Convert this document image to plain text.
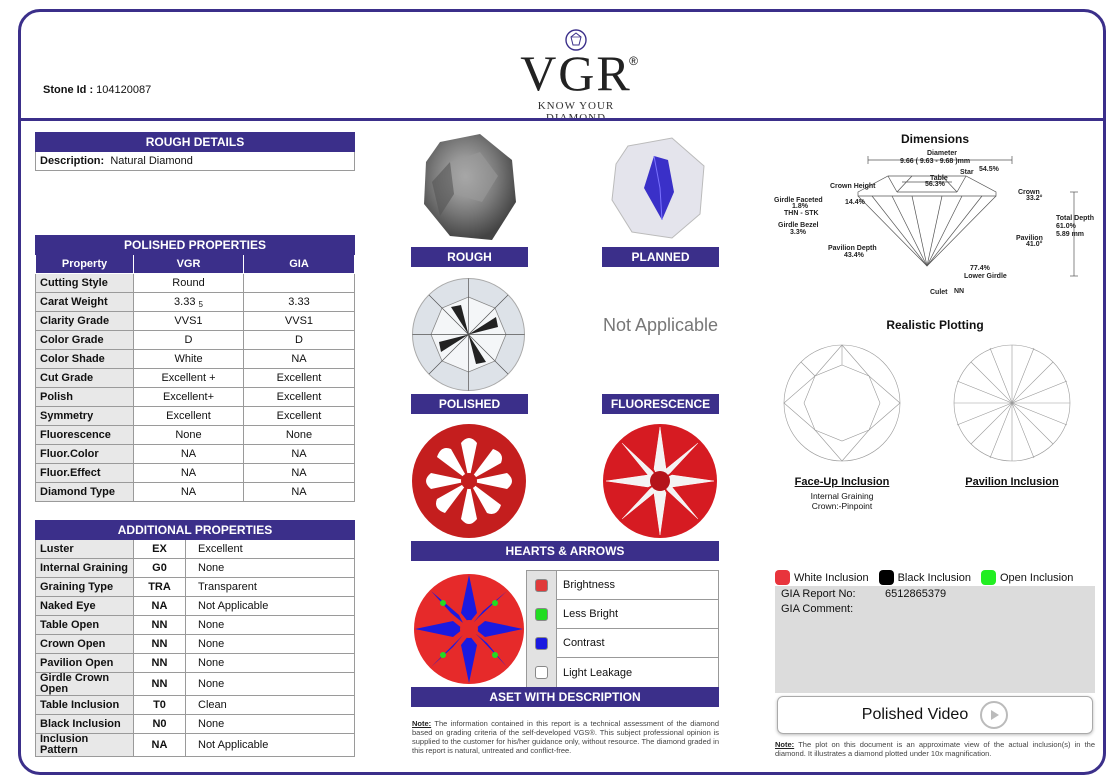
Stone Id : 104120087	VGR
®
KNOW YOUR DIAMOND
ROUGH DETAILS
Description: Natural Diamond
POLISHED PROPERTIES		
Property	VGR	GIA
Cutting Style	Round	
Carat Weight	3.33 5	3.33
Clarity Grade	VVS1	VVS1
Color Grade	D	D
Color Shade	White	NA
Cut Grade	Excellent +	Excellent
Polish	Excellent+	Excellent
Symmetry	Excellent	Excellent
Fluorescence	None	None
Fluor.Color	NA	NA
Fluor.Effect	NA	NA
Diamond Type	NA	NA
ADDITIONAL PROPERTIES		
Luster	EX	Excellent
Internal Graining	G0	None
Graining Type	TRA	Transparent
Naked Eye	NA	Not Applicable
Table Open	NN	None
Crown Open	NN	None
Pavilion Open	NN	None
Girdle Crown Open	NN	None
Table Inclusion	T0	Clean
Black Inclusion	N0	None
Inclusion Pattern	NA	Not Applicable
ROUGH	PLANNED
Not Applicable
POLISHED	FLUORESCENCE
HEARTS & ARROWS
Brightness
Less Bright
Contrast
Light Leakage
ASET WITH DESCRIPTION
Note: The information contained in this report is a technical assessment of the diamond based on grading criteria of the self-developed VGS®. This subject professional opinion is supplied to the customer for his/her guidance only, without resource. The diamond graded in this report is natural, untreated and conflict-free.
Dimensions
Diameter
9.66 ( 9.63 - 9.68 )mm
Star 54.5%
Table
56.3%
Crown Height
14.4%
Crown
33.2°
Girdle Faceted
1.8%
THN - STK
Girdle Bezel
3.3%
Total Depth
61.0%
5.89 mm
Pavilion
41.0°
Pavilion Depth
43.4%
77.4%
Lower Girdle
Culet NN
Realistic Plotting
Face-Up Inclusion
Internal Graining
Crown:-Pinpoint
Pavilion Inclusion
White Inclusion	Black Inclusion	Open Inclusion
GIA Report No:	6512865379
GIA Comment:
Polished Video
Note: The plot on this document is an approximate view of the actual inclusion(s) in the diamond. It illustrates a diamond plotted under 10x magnification.
